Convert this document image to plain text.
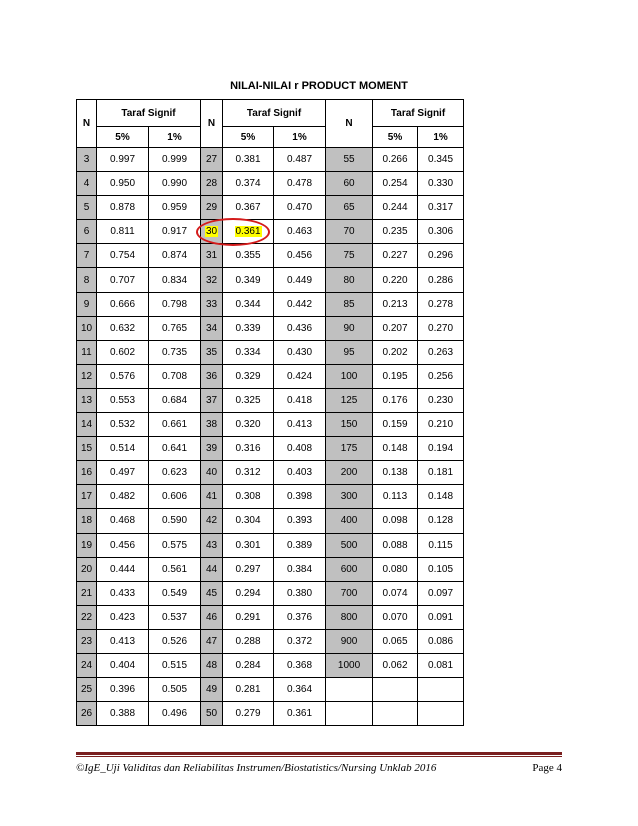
NILAI-NILAI r PRODUCT MOMENT
N	Taraf Signif		N	Taraf Signif		N	Taraf Signif	
	5%	1%		5%	1%		5%	1%
3	0.997	0.999	27	0.381	0.487	55	0.266	0.345
4	0.950	0.990	28	0.374	0.478	60	0.254	0.330
5	0.878	0.959	29	0.367	0.470	65	0.244	0.317
6	0.811	0.917	30	0.361	0.463	70	0.235	0.306
7	0.754	0.874	31	0.355	0.456	75	0.227	0.296
8	0.707	0.834	32	0.349	0.449	80	0.220	0.286
9	0.666	0.798	33	0.344	0.442	85	0.213	0.278
10	0.632	0.765	34	0.339	0.436	90	0.207	0.270
11	0.602	0.735	35	0.334	0.430	95	0.202	0.263
12	0.576	0.708	36	0.329	0.424	100	0.195	0.256
13	0.553	0.684	37	0.325	0.418	125	0.176	0.230
14	0.532	0.661	38	0.320	0.413	150	0.159	0.210
15	0.514	0.641	39	0.316	0.408	175	0.148	0.194
16	0.497	0.623	40	0.312	0.403	200	0.138	0.181
17	0.482	0.606	41	0.308	0.398	300	0.113	0.148
18	0.468	0.590	42	0.304	0.393	400	0.098	0.128
19	0.456	0.575	43	0.301	0.389	500	0.088	0.115
20	0.444	0.561	44	0.297	0.384	600	0.080	0.105
21	0.433	0.549	45	0.294	0.380	700	0.074	0.097
22	0.423	0.537	46	0.291	0.376	800	0.070	0.091
23	0.413	0.526	47	0.288	0.372	900	0.065	0.086
24	0.404	0.515	48	0.284	0.368	1000	0.062	0.081
25	0.396	0.505	49	0.281	0.364			
26	0.388	0.496	50	0.279	0.361			
©IgE_Uji Validitas dan Reliabilitas Instrumen/Biostatistics/Nursing Unklab 2016	Page 4
